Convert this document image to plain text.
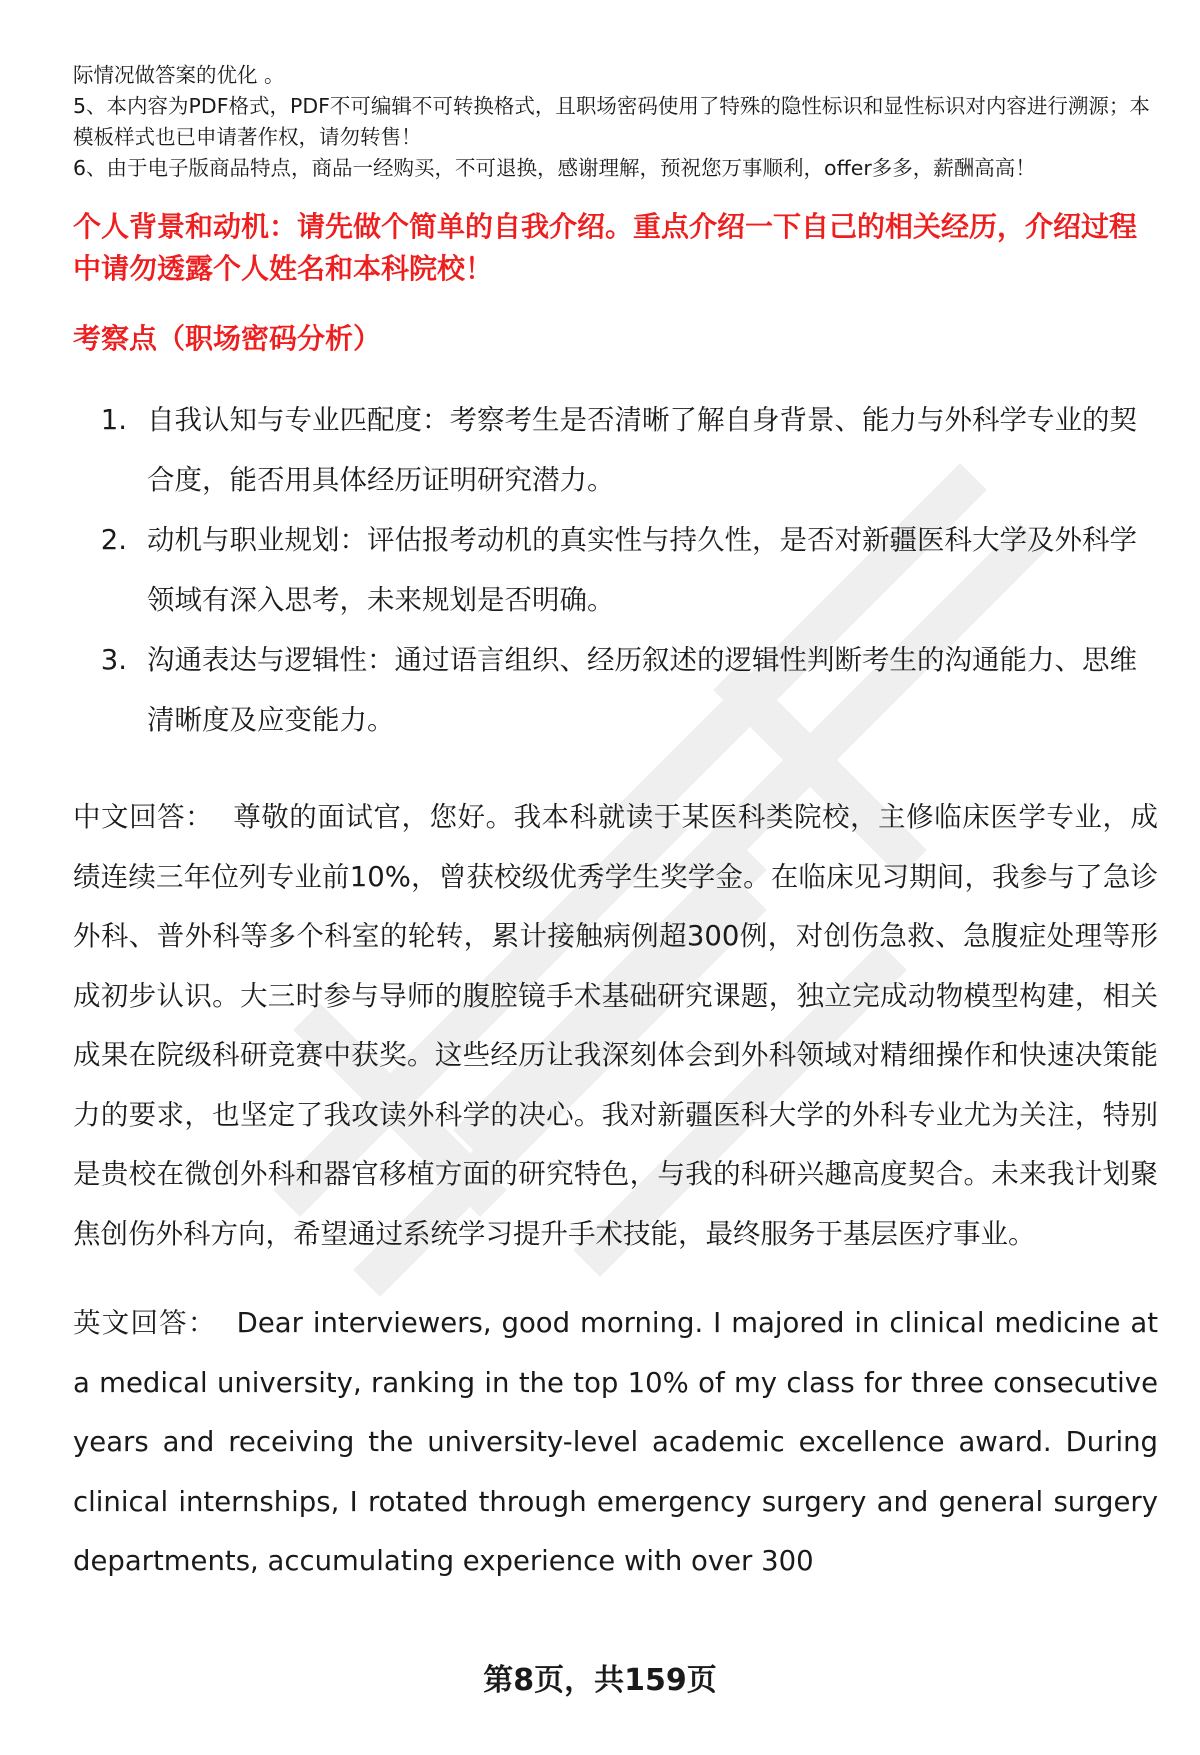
际情况做答案的优化 。

5、本内容为PDF格式，PDF不可编辑不可转换格式，且职场密码使用了特殊的隐性标识和显性标识对内容进行溯源；本模板样式也已申请著作权，请勿转售！

6、由于电子版商品特点，商品一经购买，不可退换，感谢理解，预祝您万事顺利，offer多多，薪酬高高！

个人背景和动机：请先做个简单的自我介绍。重点介绍一下自己的相关经历，介绍过程中请勿透露个人姓名和本科院校！

考察点（职场密码分析）

1. 自我认知与专业匹配度：考察考生是否清晰了解自身背景、能力与外科学专业的契合度，能否用具体经历证明研究潜力。
2. 动机与职业规划：评估报考动机的真实性与持久性，是否对新疆医科大学及外科学领域有深入思考，未来规划是否明确。
3. 沟通表达与逻辑性：通过语言组织、经历叙述的逻辑性判断考生的沟通能力、思维清晰度及应变能力。

中文回答： 尊敬的面试官，您好。我本科就读于某医科类院校，主修临床医学专业，成绩连续三年位列专业前10%，曾获校级优秀学生奖学金。在临床见习期间，我参与了急诊外科、普外科等多个科室的轮转，累计接触病例超300例，对创伤急救、急腹症处理等形成初步认识。大三时参与导师的腹腔镜手术基础研究课题，独立完成动物模型构建，相关成果在院级科研竞赛中获奖。这些经历让我深刻体会到外科领域对精细操作和快速决策能力的要求，也坚定了我攻读外科学的决心。我对新疆医科大学的外科专业尤为关注，特别是贵校在微创外科和器官移植方面的研究特色，与我的科研兴趣高度契合。未来我计划聚焦创伤外科方向，希望通过系统学习提升手术技能，最终服务于基层医疗事业。

英文回答： Dear interviewers, good morning. I majored in clinical medicine at a medical university, ranking in the top 10% of my class for three consecutive years and receiving the university-level academic excellence award. During clinical internships, I rotated through emergency surgery and general surgery departments, accumulating experience with over 300

第8页，共159页
